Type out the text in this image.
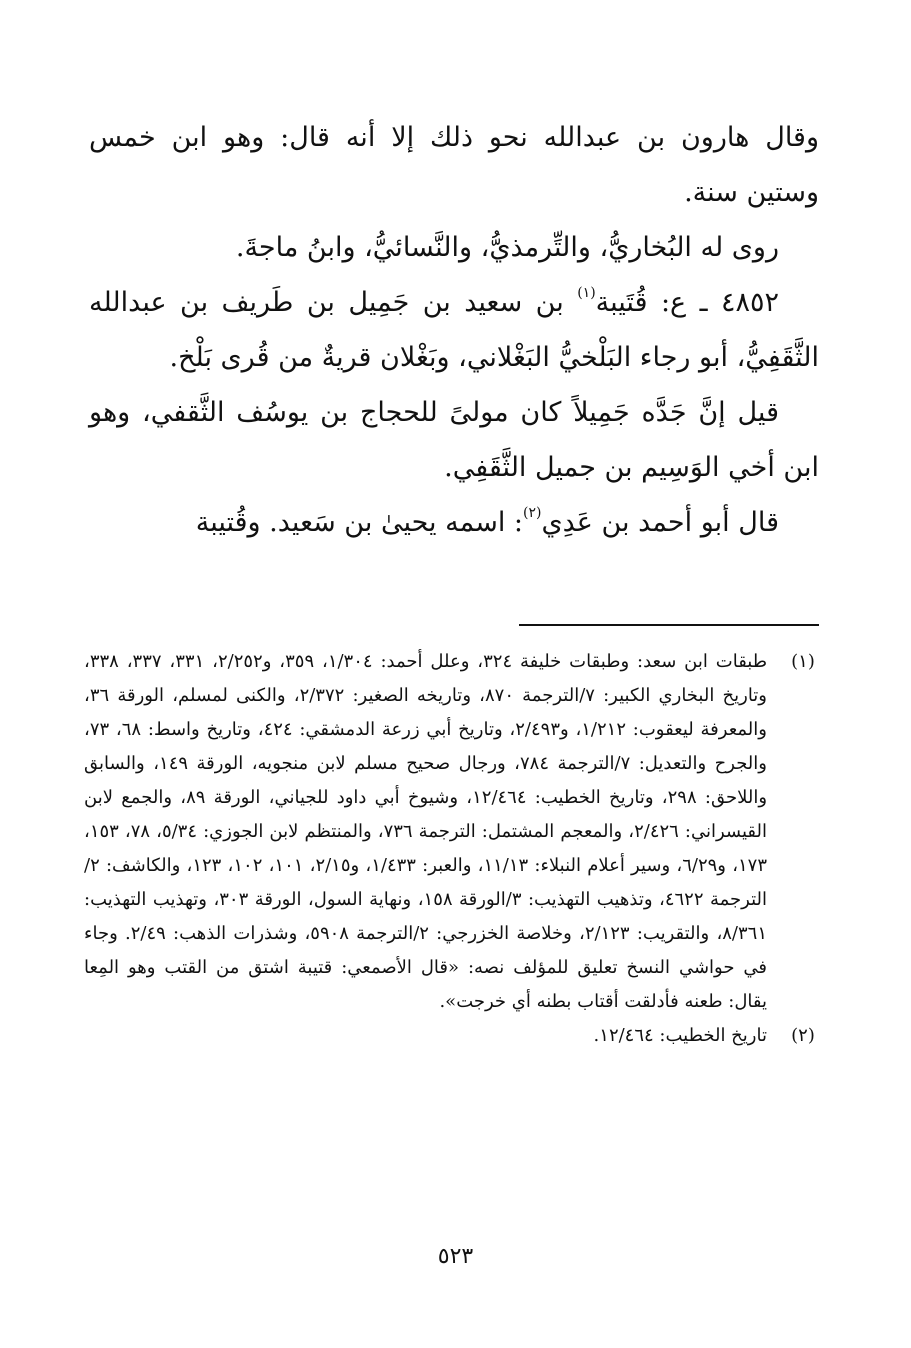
وقال هارون بن عبدالله نحو ذلك إلا أنه قال: وهو ابن خمس وستين سنة.

روى له البُخاريُّ، والتِّرمذيُّ، والنَّسائيُّ، وابنُ ماجةَ.

٤٨٥٢ ـ ع: قُتَيبة$^{(١)}$ بن سعيد بن جَمِيل بن طَريف بن عبدالله الثَّقَفِيُّ، أبو رجاء البَلْخيُّ البَغْلاني، وبَغْلان قريةٌ من قُرى بَلْخ.

قيل إنَّ جَدَّه جَمِيلاً كان مولىً للحجاج بن يوسُف الثَّقفي، وهو ابن أخي الوَسِيم بن جميل الثَّقَفِي.

قال أبو أحمد بن عَدِي$^{(٢)}$: اسمه يحيىٰ بن سَعيد. وقُتيبة

(١)
طبقات ابن سعد: وطبقات خليفة ٣٢٤، وعلل أحمد: ١/٣٠٤، ٣٥٩، و٢/٢٥٢، ٣٣١، ٣٣٧، ٣٣٨، وتاريخ البخاري الكبير: ٧/الترجمة ٨٧٠، وتاريخه الصغير: ٢/٣٧٢، والكنى لمسلم، الورقة ٣٦، والمعرفة ليعقوب: ١/٢١٢، و٢/٤٩٣، وتاريخ أبي زرعة الدمشقي: ٤٢٤، وتاريخ واسط: ٦٨، ٧٣، والجرح والتعديل: ٧/الترجمة ٧٨٤، ورجال صحيح مسلم لابن منجويه، الورقة ١٤٩، والسابق واللاحق: ٢٩٨، وتاريخ الخطيب: ١٢/٤٦٤، وشيوخ أبي داود للجياني، الورقة ٨٩، والجمع لابن القيسراني: ٢/٤٢٦، والمعجم المشتمل: الترجمة ٧٣٦، والمنتظم لابن الجوزي: ٥/٣٤، ٧٨، ١٥٣، ١٧٣، و٦/٢٩، وسير أعلام النبلاء: ١١/١٣، والعبر: ١/٤٣٣، و٢/١٥، ١٠١، ١٠٢، ١٢٣، والكاشف: ٢/الترجمة ٤٦٢٢، وتذهيب التهذيب: ٣/الورقة ١٥٨، ونهاية السول، الورقة ٣٠٣، وتهذيب التهذيب: ٨/٣٦١، والتقريب: ٢/١٢٣، وخلاصة الخزرجي: ٢/الترجمة ٥٩٠٨، وشذرات الذهب: ٢/٤٩. وجاء في حواشي النسخ تعليق للمؤلف نصه: «قال الأصمعي: قتيبة اشتق من القتب وهو المِعا يقال: طعنه فأدلقت أقتاب بطنه أي خرجت».
(٢)
تاريخ الخطيب: ١٢/٤٦٤.
٥٢٣
